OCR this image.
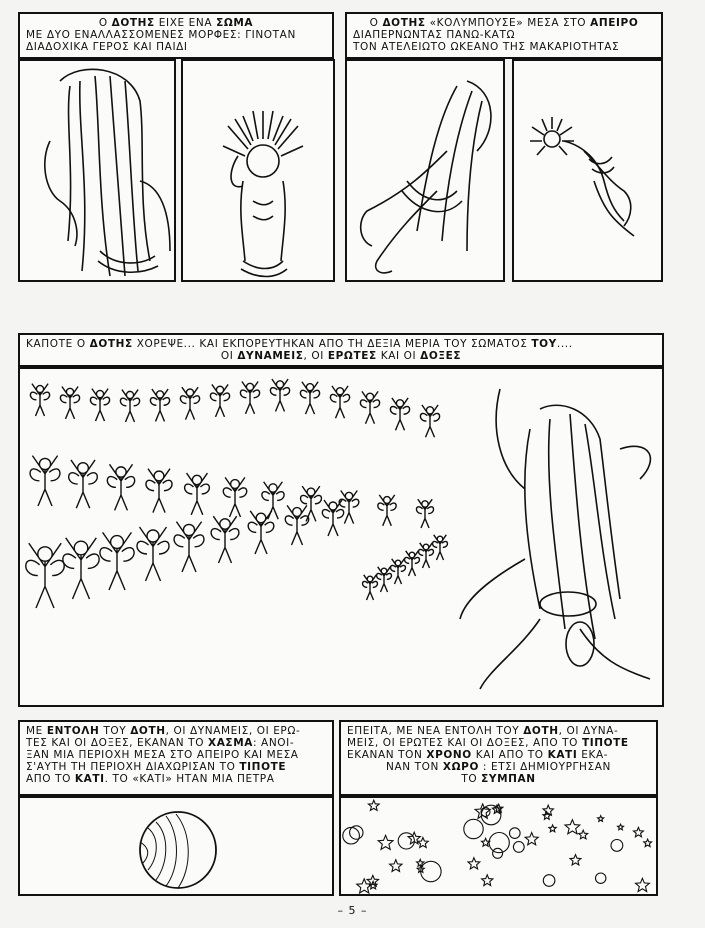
Ο ΔΟΤΗΣ ΕΙΧΕ ΕΝΑ ΣΩΜΑ
ΜΕ ΔΥΟ ΕΝΑΛΛΑΣΣΟΜΕΝΕΣ ΜΟΡΦΕΣ: ΓΙΝΟΤΑΝ
ΔΙΑΔΟΧΙΚΑ ΓΕΡΟΣ ΚΑΙ ΠΑΙΔΙ
Ο ΔΟΤΗΣ «ΚΟΛΥΜΠΟΥΣΕ» ΜΕΣΑ ΣΤΟ ΑΠΕΙΡΟ
ΔΙΑΠΕΡΝΩΝΤΑΣ ΠΑΝΩ-ΚΑΤΩ
ΤΟΝ ΑΤΕΛΕΙΩΤΟ ΩΚΕΑΝΟ ΤΗΣ ΜΑΚΑΡΙΟΤΗΤΑΣ
ΚΑΠΟΤΕ Ο ΔΟΤΗΣ ΧΟΡΕΨΕ... ΚΑΙ ΕΚΠΟΡΕΥΤΗΚΑΝ ΑΠΟ ΤΗ ΔΕΞΙΑ ΜΕΡΙΑ ΤΟΥ ΣΩΜΑΤΟΣ ΤΟΥ....
ΟΙ ΔΥΝΑΜΕΙΣ, ΟΙ ΕΡΩΤΕΣ ΚΑΙ ΟΙ ΔΟΞΕΣ
ΜΕ ΕΝΤΟΛΗ ΤΟΥ ΔΟΤΗ, ΟΙ ΔΥΝΑΜΕΙΣ, ΟΙ ΕΡΩ-
ΤΕΣ ΚΑΙ ΟΙ ΔΟΞΕΣ, ΕΚΑΝΑΝ ΤΟ ΧΑΣΜΑ: ΑΝΟΙ-
ΞΑΝ ΜΙΑ ΠΕΡΙΟΧΗ ΜΕΣΑ ΣΤΟ ΑΠΕΙΡΟ ΚΑΙ ΜΕΣΑ
Σ'ΑΥΤΗ ΤΗ ΠΕΡΙΟΧΗ ΔΙΑΧΩΡΙΣΑΝ ΤΟ ΤΙΠΟΤΕ
ΑΠΟ ΤΟ ΚΑΤΙ. ΤΟ «ΚΑΤΙ» ΗΤΑΝ ΜΙΑ ΠΕΤΡΑ
ΕΠΕΙΤΑ, ΜΕ ΝΕΑ ΕΝΤΟΛΗ ΤΟΥ ΔΟΤΗ, ΟΙ ΔΥΝΑ-
ΜΕΙΣ, ΟΙ ΕΡΩΤΕΣ ΚΑΙ ΟΙ ΔΟΞΕΣ, ΑΠΟ ΤΟ ΤΙΠΟΤΕ
ΕΚΑΝΑΝ ΤΟΝ ΧΡΟΝΟ ΚΑΙ ΑΠΟ ΤΟ ΚΑΤΙ ΕΚΑ-
ΝΑΝ ΤΟΝ ΧΩΡΟ : ΕΤΣΙ ΔΗΜΙΟΥΡΓΗΣΑΝ
ΤΟ ΣΥΜΠΑΝ
– 5 –
